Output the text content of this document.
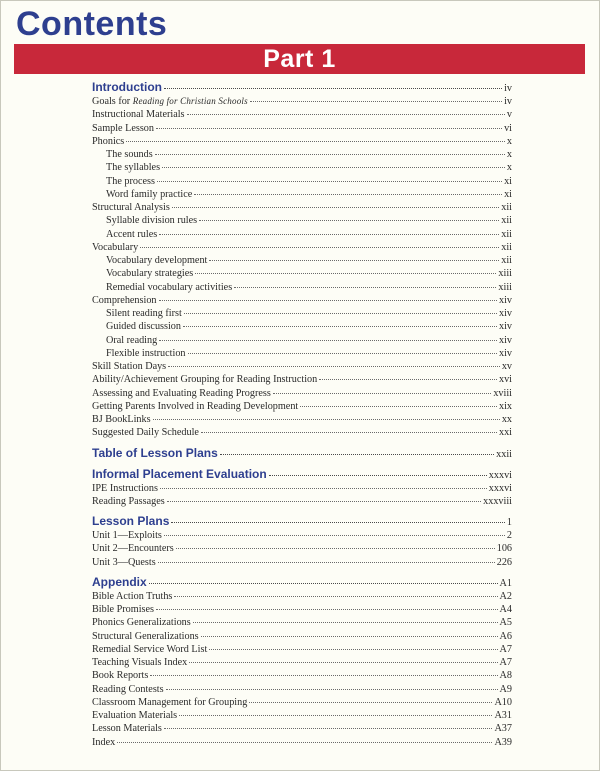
Contents
Part 1
Introduction	iv
Goals for Reading for Christian Schools	iv
Instructional Materials	v
Sample Lesson	vi
Phonics	x
The sounds	x
The syllables	x
The process	xi
Word family practice	xi
Structural Analysis	xii
Syllable division rules	xii
Accent rules	xii
Vocabulary	xii
Vocabulary development	xii
Vocabulary strategies	xiii
Remedial vocabulary activities	xiii
Comprehension	xiv
Silent reading first	xiv
Guided discussion	xiv
Oral reading	xiv
Flexible instruction	xiv
Skill Station Days	xv
Ability/Achievement Grouping for Reading Instruction	xvi
Assessing and Evaluating Reading Progress	xviii
Getting Parents Involved in Reading Development	xix
BJ BookLinks	xx
Suggested Daily Schedule	xxi
Table of Lesson Plans	xxii
Informal Placement Evaluation	xxxvi
IPE Instructions	xxxvi
Reading Passages	xxxviii
Lesson Plans	1
Unit 1—Exploits	2
Unit 2—Encounters	106
Unit 3—Quests	226
Appendix	A1
Bible Action Truths	A2
Bible Promises	A4
Phonics Generalizations	A5
Structural Generalizations	A6
Remedial Service Word List	A7
Teaching Visuals Index	A7
Book Reports	A8
Reading Contests	A9
Classroom Management for Grouping	A10
Evaluation Materials	A31
Lesson Materials	A37
Index	A39
